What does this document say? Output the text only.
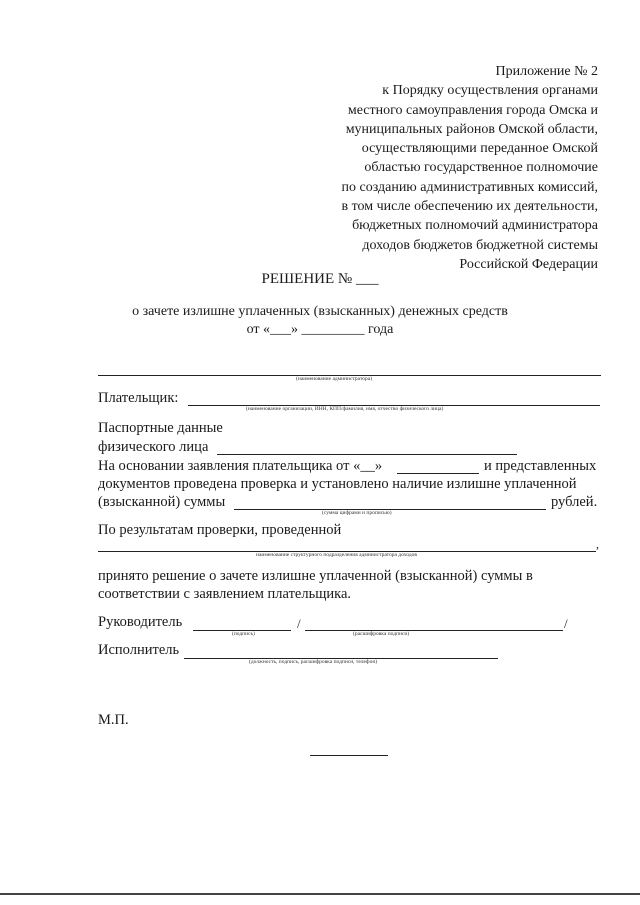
Приложение № 2
к Порядку осуществления органами
местного самоуправления города Омска и
муниципальных районов Омской области,
осуществляющими переданное Омской
областью государственное полномочие
по созданию административных комиссий,
в том числе обеспечению их деятельности,
бюджетных полномочий администратора
доходов бюджетов бюджетной системы
Российской Федерации
РЕШЕНИЕ № ___
о зачете излишне уплаченных (взысканных) денежных средств
от «___» _________ года
(наименование администратора)
Плательщик:
(наименование организации, ИНН, КПП/фамилия, имя, отчество физического лица)
Паспортные данные
физического лица
На основании заявления плательщика от «__»	и представленных
документов проведена проверка и установлено наличие излишне уплаченной
(взысканной) суммы	рублей.
(сумма цифрами и прописью)
По результатам проверки, проведенной
,
наименование структурного подразделения администратора доходов
принято решение о зачете излишне уплаченной (взысканной) суммы в
соответствии с заявлением плательщика.
Руководитель	/	/
(подпись)	(расшифровка подписи)
Исполнитель
(должность, подпись, расшифровка подписи, телефон)
М.П.
